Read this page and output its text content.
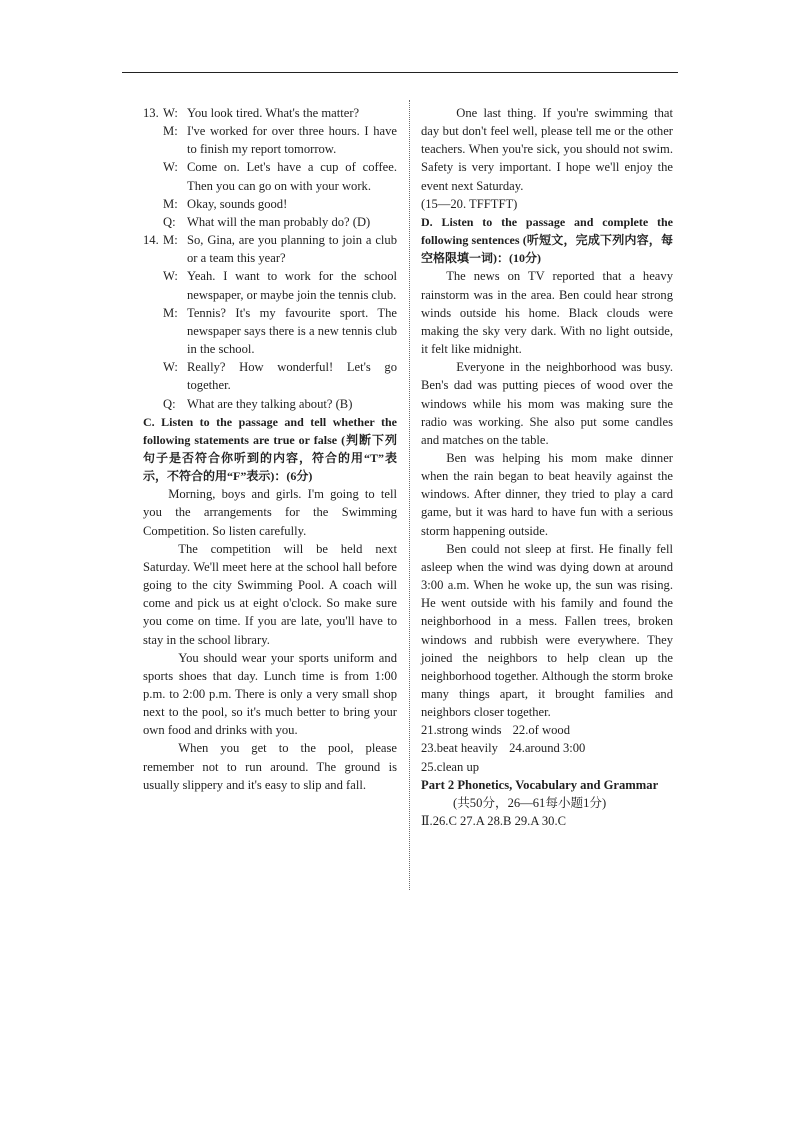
13. W: You look tired. What's the matter?
M: I've worked for over three hours. I have to finish my report tomorrow.
W: Come on. Let's have a cup of coffee. Then you can go on with your work.
M: Okay, sounds good!
Q: What will the man probably do? (D)
14. M: So, Gina, are you planning to join a club or a team this year?
W: Yeah. I want to work for the school newspaper, or maybe join the tennis club.
M: Tennis? It's my favourite sport. The newspaper says there is a new tennis club in the school.
W: Really? How wonderful! Let's go together.
Q: What are they talking about? (B)
C. Listen to the passage and tell whether the following statements are true or false (判断下列句子是否符合你听到的内容，符合的用“T”表示，不符合的用“F”表示)：(6分)
Morning, boys and girls. I'm going to tell you the arrangements for the Swimming Competition. So listen carefully.
The competition will be held next Saturday. We'll meet here at the school hall before going to the city Swimming Pool. A coach will come and pick us at eight o'clock. So make sure you come on time. If you are late, you'll have to stay in the school library.
You should wear your sports uniform and sports shoes that day. Lunch time is from 1:00 p.m. to 2:00 p.m. There is only a very small shop next to the pool, so it's much better to bring your own food and drinks with you.
When you get to the pool, please remember not to run around. The ground is usually slippery and it's easy to slip and fall.
One last thing. If you're swimming that day but don't feel well, please tell me or the other teachers. When you're sick, you should not swim. Safety is very important. I hope we'll enjoy the event next Saturday.
(15—20. TFFTFT)
D. Listen to the passage and complete the following sentences (听短文，完成下列内容，每空格限填一词)：(10分)
The news on TV reported that a heavy rainstorm was in the area. Ben could hear strong winds outside his home. Black clouds were making the sky very dark. With no light outside, it felt like midnight.
Everyone in the neighborhood was busy. Ben's dad was putting pieces of wood over the windows while his mom was making sure the radio was working. She also put some candles and matches on the table.
Ben was helping his mom make dinner when the rain began to beat heavily against the windows. After dinner, they tried to play a card game, but it was hard to have fun with a serious storm happening outside.
Ben could not sleep at first. He finally fell asleep when the wind was dying down at around 3:00 a.m. When he woke up, the sun was rising. He went outside with his family and found the neighborhood in a mess. Fallen trees, broken windows and rubbish were everywhere. They joined the neighbors to help clean up the neighborhood together. Although the storm broke many things apart, it brought families and neighbors closer together.
21.strong winds 22.of wood
23.beat heavily 24.around 3:00
25.clean up
Part 2 Phonetics, Vocabulary and Grammar
(共50分，26—61每小题1分)
Ⅱ.26.C 27.A 28.B 29.A 30.C
